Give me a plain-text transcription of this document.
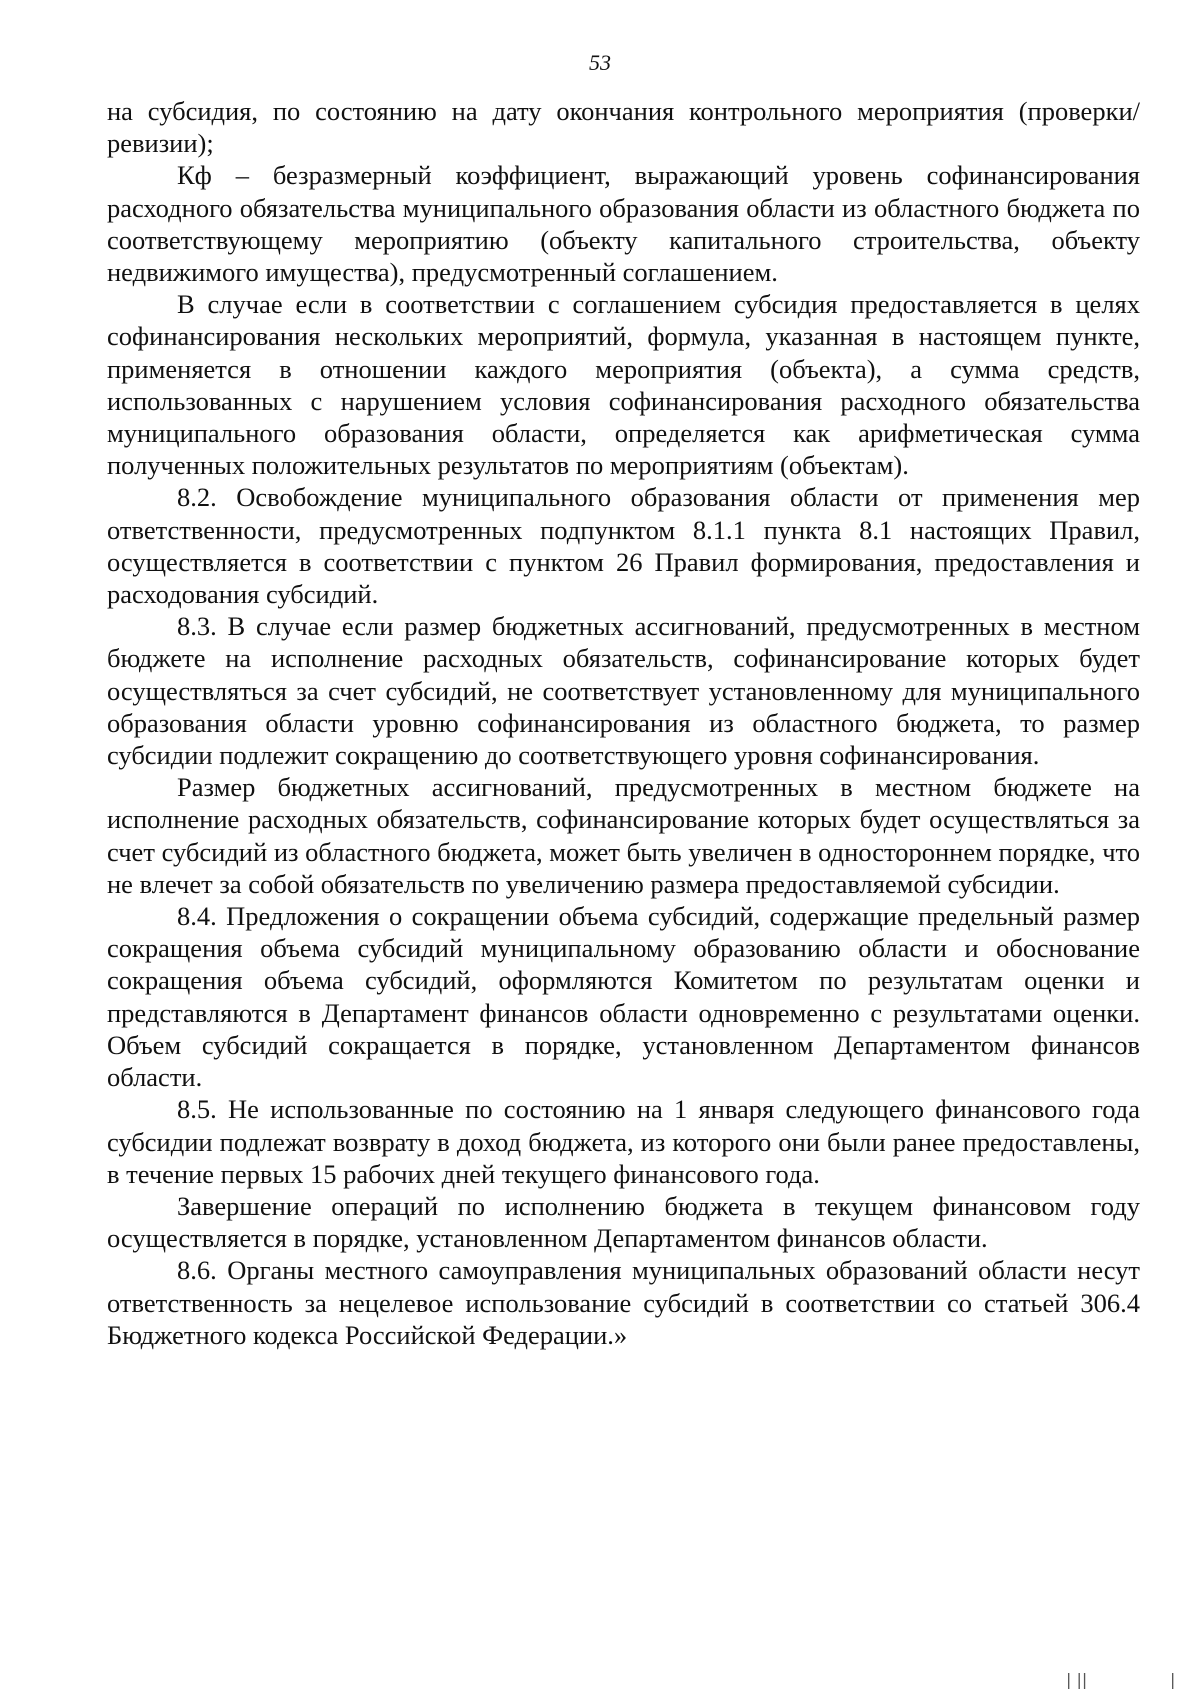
53

на субсидия, по состоянию на дату окончания контрольного мероприятия (проверки/ревизии);

Кф – безразмерный коэффициент, выражающий уровень софинансирования расходного обязательства муниципального образования области из областного бюджета по соответствующему мероприятию (объекту капитального строительства, объекту недвижимого имущества), предусмотренный соглашением.

В случае если в соответствии с соглашением субсидия предоставляется в целях софинансирования нескольких мероприятий, формула, указанная в настоящем пункте, применяется в отношении каждого мероприятия (объекта), а сумма средств, использованных с нарушением условия софинансирования расходного обязательства муниципального образования области, определяется как арифметическая сумма полученных положительных результатов по мероприятиям (объектам).

8.2. Освобождение муниципального образования области от применения мер ответственности, предусмотренных подпунктом 8.1.1 пункта 8.1 настоящих Правил, осуществляется в соответствии с пунктом 26 Правил формирования, предоставления и расходования субсидий.

8.3. В случае если размер бюджетных ассигнований, предусмотренных в местном бюджете на исполнение расходных обязательств, софинансирование которых будет осуществляться за счет субсидий, не соответствует установленному для муниципального образования области уровню софинансирования из областного бюджета, то размер субсидии подлежит сокращению до соответствующего уровня софинансирования.

Размер бюджетных ассигнований, предусмотренных в местном бюджете на исполнение расходных обязательств, софинансирование которых будет осуществляться за счет субсидий из областного бюджета, может быть увеличен в одностороннем порядке, что не влечет за собой обязательств по увеличению размера предоставляемой субсидии.

8.4. Предложения о сокращении объема субсидий, содержащие предельный размер сокращения объема субсидий муниципальному образованию области и обоснование сокращения объема субсидий, оформляются Комитетом по результатам оценки и представляются в Департамент финансов области одновременно с результатами оценки. Объем субсидий сокращается в порядке, установленном Департаментом финансов области.

8.5. Не использованные по состоянию на 1 января следующего финансового года субсидии подлежат возврату в доход бюджета, из которого они были ранее предоставлены, в течение первых 15 рабочих дней текущего финансового года.

Завершение операций по исполнению бюджета в текущем финансовом году осуществляется в порядке, установленном Департаментом финансов области.

8.6. Органы местного самоуправления муниципальных образований области несут ответственность за нецелевое использование субсидий в соответствии со статьей 306.4 Бюджетного кодекса Российской Федерации.»

| ||	|
